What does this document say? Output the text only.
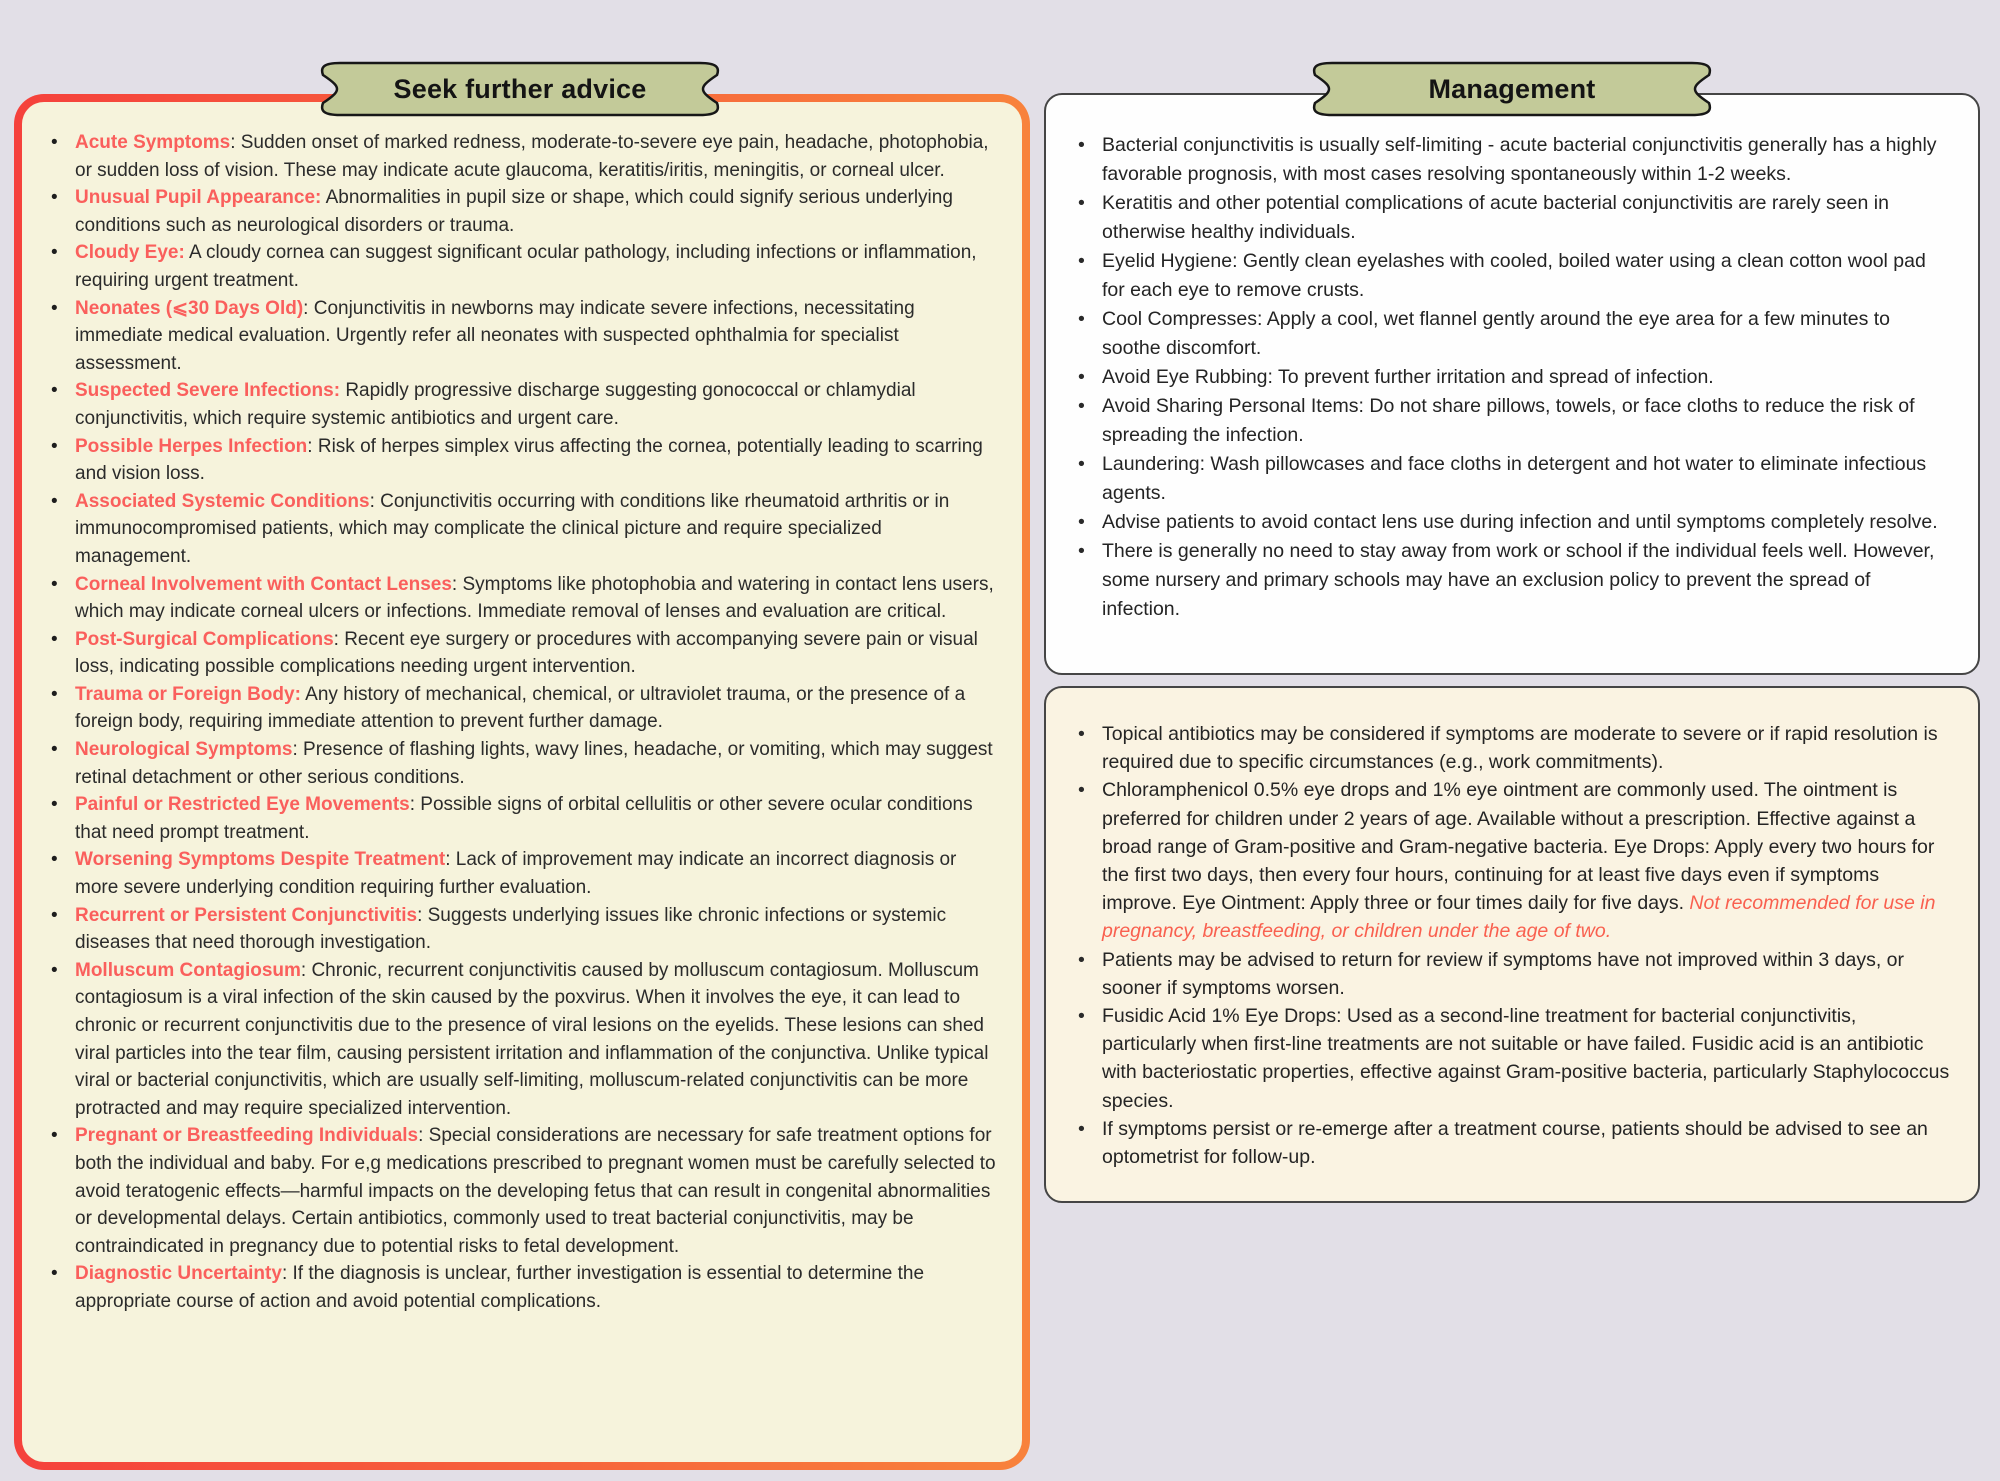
• Acute Symptoms: Sudden onset of marked redness, moderate-to-severe eye pain, headache, photophobia, or sudden loss of vision. These may indicate acute glaucoma, keratitis/iritis, meningitis, or corneal ulcer.
• Unusual Pupil Appearance: Abnormalities in pupil size or shape, which could signify serious underlying conditions such as neurological disorders or trauma.
• Cloudy Eye: A cloudy cornea can suggest significant ocular pathology, including infections or inflammation, requiring urgent treatment.
• Neonates (⩽30 Days Old): Conjunctivitis in newborns may indicate severe infections, necessitating immediate medical evaluation. Urgently refer all neonates with suspected ophthalmia for specialist assessment.
• Suspected Severe Infections: Rapidly progressive discharge suggesting gonococcal or chlamydial conjunctivitis, which require systemic antibiotics and urgent care.
• Possible Herpes Infection: Risk of herpes simplex virus affecting the cornea, potentially leading to scarring and vision loss.
• Associated Systemic Conditions: Conjunctivitis occurring with conditions like rheumatoid arthritis or in immunocompromised patients, which may complicate the clinical picture and require specialized management.
• Corneal Involvement with Contact Lenses: Symptoms like photophobia and watering in contact lens users, which may indicate corneal ulcers or infections. Immediate removal of lenses and evaluation are critical.
• Post-Surgical Complications: Recent eye surgery or procedures with accompanying severe pain or visual loss, indicating possible complications needing urgent intervention.
• Trauma or Foreign Body: Any history of mechanical, chemical, or ultraviolet trauma, or the presence of a foreign body, requiring immediate attention to prevent further damage.
• Neurological Symptoms: Presence of flashing lights, wavy lines, headache, or vomiting, which may suggest retinal detachment or other serious conditions.
• Painful or Restricted Eye Movements: Possible signs of orbital cellulitis or other severe ocular conditions that need prompt treatment.
• Worsening Symptoms Despite Treatment: Lack of improvement may indicate an incorrect diagnosis or more severe underlying condition requiring further evaluation.
• Recurrent or Persistent Conjunctivitis: Suggests underlying issues like chronic infections or systemic diseases that need thorough investigation.
• Molluscum Contagiosum: Chronic, recurrent conjunctivitis caused by molluscum contagiosum. Molluscum contagiosum is a viral infection of the skin caused by the poxvirus. When it involves the eye, it can lead to chronic or recurrent conjunctivitis due to the presence of viral lesions on the eyelids. These lesions can shed viral particles into the tear film, causing persistent irritation and inflammation of the conjunctiva. Unlike typical viral or bacterial conjunctivitis, which are usually self-limiting, molluscum-related conjunctivitis can be more protracted and may require specialized intervention.
• Pregnant or Breastfeeding Individuals: Special considerations are necessary for safe treatment options for both the individual and baby. For e,g medications prescribed to pregnant women must be carefully selected to avoid teratogenic effects—harmful impacts on the developing fetus that can result in congenital abnormalities or developmental delays. Certain antibiotics, commonly used to treat bacterial conjunctivitis, may be contraindicated in pregnancy due to potential risks to fetal development.
• Diagnostic Uncertainty: If the diagnosis is unclear, further investigation is essential to determine the appropriate course of action and avoid potential complications.
Seek further advice
• Bacterial conjunctivitis is usually self-limiting - acute bacterial conjunctivitis generally has a highly favorable prognosis, with most cases resolving spontaneously within 1-2 weeks.
• Keratitis and other potential complications of acute bacterial conjunctivitis are rarely seen in otherwise healthy individuals.
• Eyelid Hygiene: Gently clean eyelashes with cooled, boiled water using a clean cotton wool pad for each eye to remove crusts.
• Cool Compresses: Apply a cool, wet flannel gently around the eye area for a few minutes to soothe discomfort.
• Avoid Eye Rubbing: To prevent further irritation and spread of infection.
• Avoid Sharing Personal Items: Do not share pillows, towels, or face cloths to reduce the risk of spreading the infection.
• Laundering: Wash pillowcases and face cloths in detergent and hot water to eliminate infectious agents.
• Advise patients to avoid contact lens use during infection and until symptoms completely resolve.
• There is generally no need to stay away from work or school if the individual feels well. However, some nursery and primary schools may have an exclusion policy to prevent the spread of infection.
• Topical antibiotics may be considered if symptoms are moderate to severe or if rapid resolution is required due to specific circumstances (e.g., work commitments).
• Chloramphenicol 0.5% eye drops and 1% eye ointment are commonly used. The ointment is preferred for children under 2 years of age. Available without a prescription. Effective against a broad range of Gram-positive and Gram-negative bacteria. Eye Drops: Apply every two hours for the first two days, then every four hours, continuing for at least five days even if symptoms improve. Eye Ointment: Apply three or four times daily for five days. Not recommended for use in pregnancy, breastfeeding, or children under the age of two.
• Patients may be advised to return for review if symptoms have not improved within 3 days, or sooner if symptoms worsen.
• Fusidic Acid 1% Eye Drops: Used as a second-line treatment for bacterial conjunctivitis, particularly when first-line treatments are not suitable or have failed. Fusidic acid is an antibiotic with bacteriostatic properties, effective against Gram-positive bacteria, particularly Staphylococcus species.
• If symptoms persist or re-emerge after a treatment course, patients should be advised to see an optometrist for follow-up.
Management
